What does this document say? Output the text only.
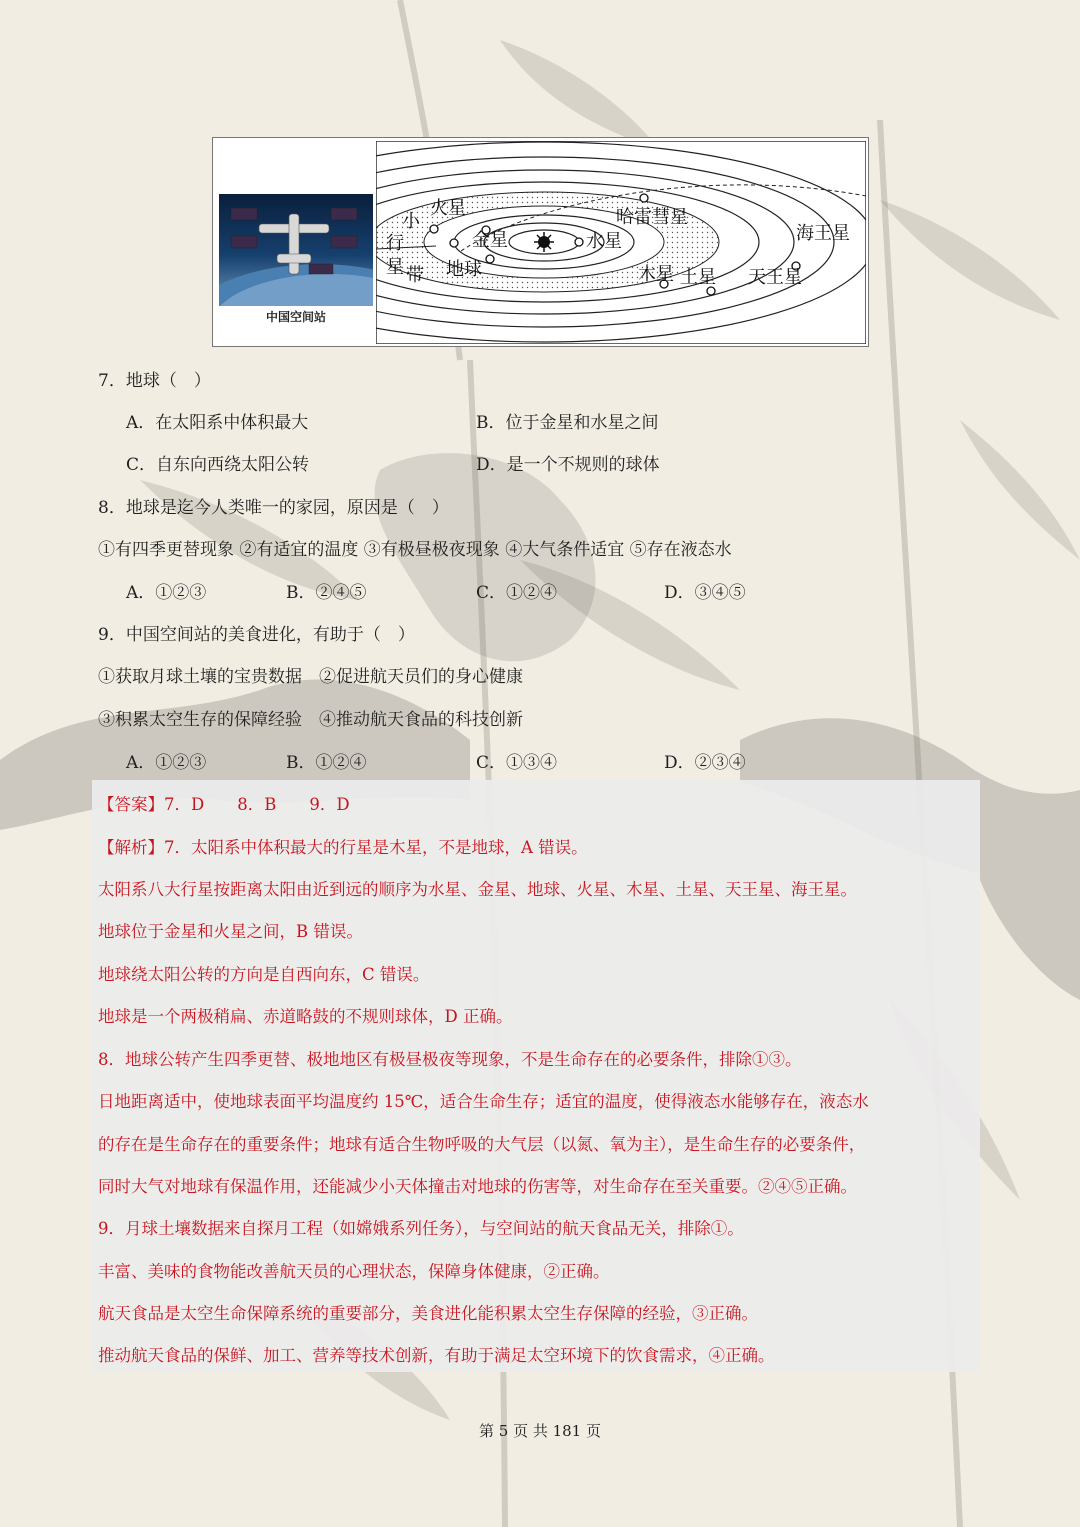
中国空间站
水星
金星
地球
火星
木星 土星 天王星
海王星
哈雷彗星
小
行
星 带
7．地球（　）
A．在太阳系中体积最大	B．位于金星和水星之间
C．自东向西绕太阳公转	D．是一个不规则的球体
8．地球是迄今人类唯一的家园，原因是（　）
①有四季更替现象 ②有适宜的温度 ③有极昼极夜现象 ④大气条件适宜 ⑤存在液态水
A．①②③	B．②④⑤	C．①②④	D．③④⑤
9．中国空间站的美食进化，有助于（　）
①获取月球土壤的宝贵数据　②促进航天员们的身心健康
③积累太空生存的保障经验　④推动航天食品的科技创新
A．①②③	B．①②④	C．①③④	D．②③④
【答案】7．D　　8．B　　9．D
【解析】7．太阳系中体积最大的行星是木星，不是地球，A 错误。
太阳系八大行星按距离太阳由近到远的顺序为水星、金星、地球、火星、木星、土星、天王星、海王星。
地球位于金星和火星之间，B 错误。
地球绕太阳公转的方向是自西向东，C 错误。
地球是一个两极稍扁、赤道略鼓的不规则球体，D 正确。
8．地球公转产生四季更替、极地地区有极昼极夜等现象，不是生命存在的必要条件，排除①③。
日地距离适中，使地球表面平均温度约 15℃，适合生命生存；适宜的温度，使得液态水能够存在，液态水
的存在是生命存在的重要条件；地球有适合生物呼吸的大气层（以氮、氧为主），是生命生存的必要条件，
同时大气对地球有保温作用，还能减少小天体撞击对地球的伤害等，对生命存在至关重要。②④⑤正确。
9．月球土壤数据来自探月工程（如嫦娥系列任务），与空间站的航天食品无关，排除①。
丰富、美味的食物能改善航天员的心理状态，保障身体健康，②正确。
航天食品是太空生命保障系统的重要部分，美食进化能积累太空生存保障的经验，③正确。
推动航天食品的保鲜、加工、营养等技术创新，有助于满足太空环境下的饮食需求，④正确。
第 5 页 共 181 页
